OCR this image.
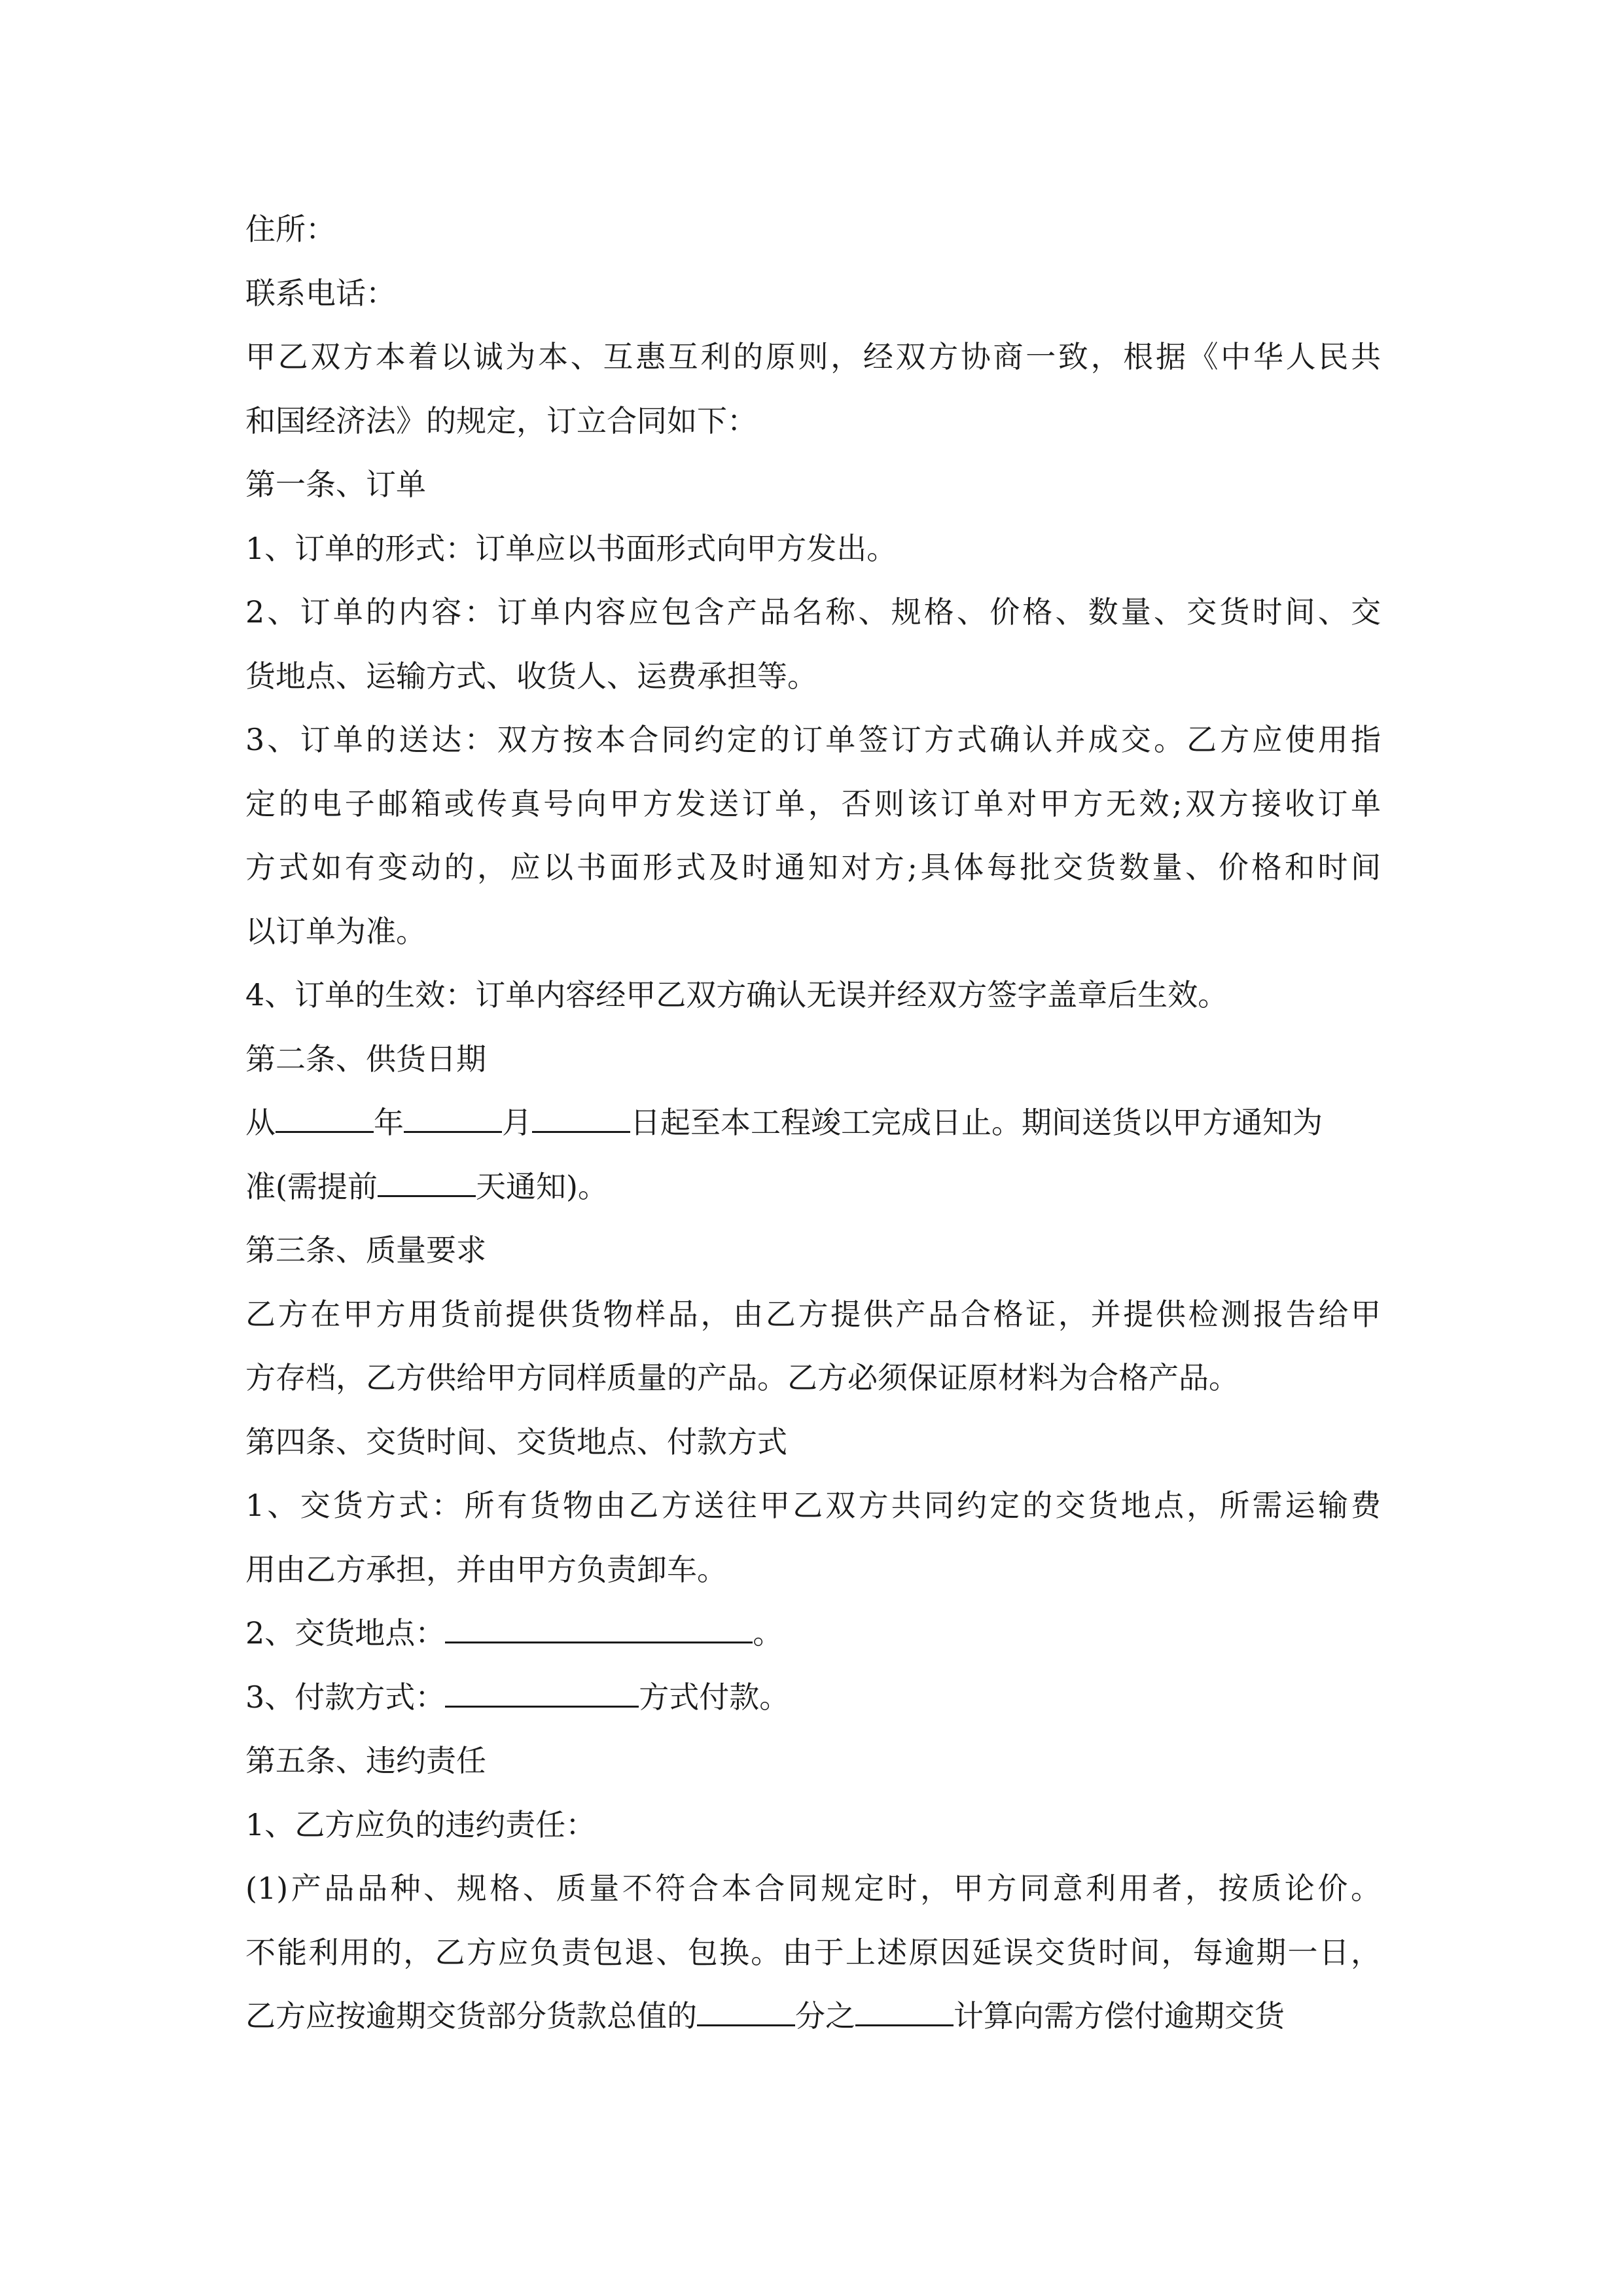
住所：
联系电话：
甲乙双方本着以诚为本、互惠互利的原则，经双方协商一致，根据《中华人民共
和国经济法》的规定，订立合同如下：
第一条、订单
1、订单的形式：订单应以书面形式向甲方发出。
2、订单的内容：订单内容应包含产品名称、规格、价格、数量、交货时间、交
货地点、运输方式、收货人、运费承担等。
3、订单的送达：双方按本合同约定的订单签订方式确认并成交。乙方应使用指
定的电子邮箱或传真号向甲方发送订单，否则该订单对甲方无效;双方接收订单
方式如有变动的，应以书面形式及时通知对方;具体每批交货数量、价格和时间
以订单为准。
4、订单的生效：订单内容经甲乙双方确认无误并经双方签字盖章后生效。
第二条、供货日期
从	年	月	日起至本工程竣工完成日止。期间送货以甲方通知为
准(需提前	天通知)。
第三条、质量要求
乙方在甲方用货前提供货物样品，由乙方提供产品合格证，并提供检测报告给甲
方存档，乙方供给甲方同样质量的产品。乙方必须保证原材料为合格产品。
第四条、交货时间、交货地点、付款方式
1、交货方式：所有货物由乙方送往甲乙双方共同约定的交货地点，所需运输费
用由乙方承担，并由甲方负责卸车。
2、交货地点：	。
3、付款方式：	方式付款。
第五条、违约责任
1、乙方应负的违约责任：
(1)产品品种、规格、质量不符合本合同规定时，甲方同意利用者，按质论价。
不能利用的，乙方应负责包退、包换。由于上述原因延误交货时间，每逾期一日，
乙方应按逾期交货部分货款总值的	分之	计算向需方偿付逾期交货
